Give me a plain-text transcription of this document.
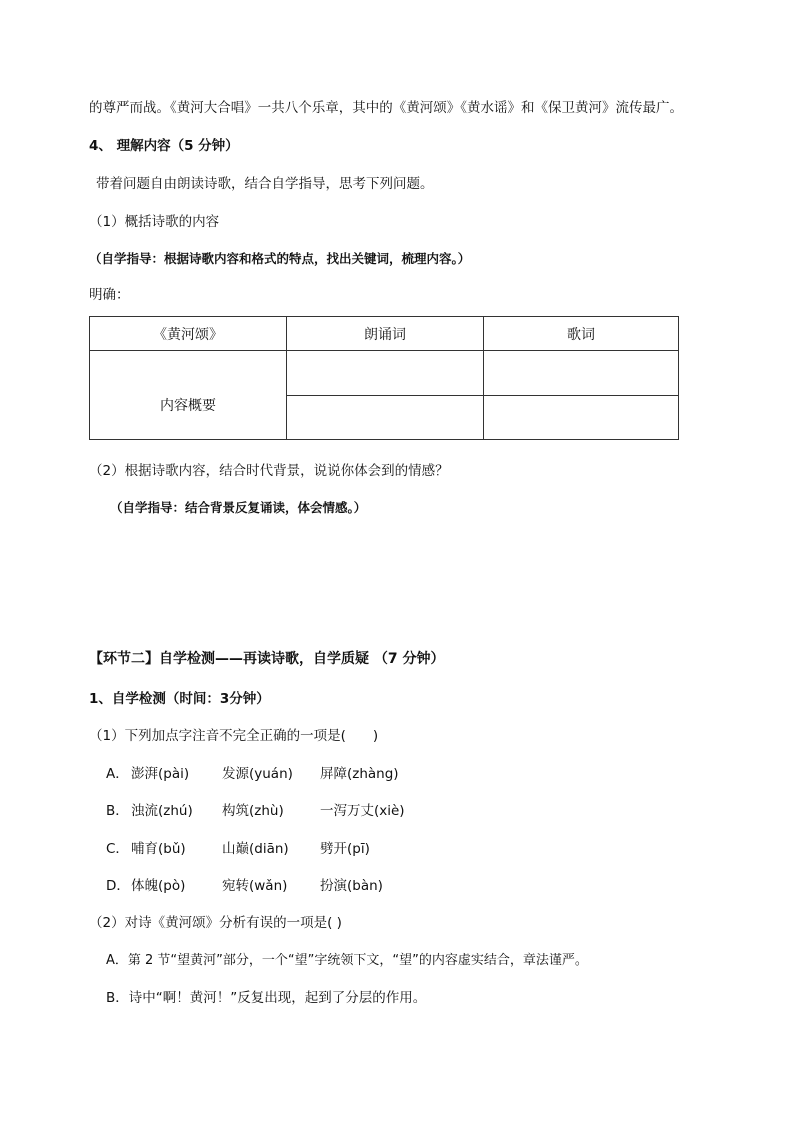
的尊严而战。《黄河大合唱》一共八个乐章，其中的《黄河颂》《黄水谣》和《保卫黄河》流传最广。
4、 理解内容（5 分钟）
带着问题自由朗读诗歌，结合自学指导，思考下列问题。
（1）概括诗歌的内容
（自学指导：根据诗歌内容和格式的特点，找出关键词，梳理内容。）
明确：
《黄河颂》	朗诵词	歌词
内容概要		

（2）根据诗歌内容，结合时代背景，说说你体会到的情感？
（自学指导：结合背景反复诵读，体会情感。）
【环节二】自学检测——再读诗歌，自学质疑 （7 分钟）
1、自学检测（时间：3分钟）
（1）下列加点字注音不完全正确的一项是(　　)
A． 澎湃(pài) 发源(yuán) 屏障(zhàng)
B． 浊流(zhú) 构筑(zhù)	一泻万丈(xiè)
C． 哺育(bǔ)	山巅(diān) 劈开(pī)
D． 体魄(pò)	宛转(wǎn) 扮演(bàn)
（2）对诗《黄河颂》分析有误的一项是( )
A．第 2 节“望黄河”部分，一个“望”字统领下文，“望”的内容虚实结合，章法谨严。
B．诗中“啊！黄河！”反复出现，起到了分层的作用。
